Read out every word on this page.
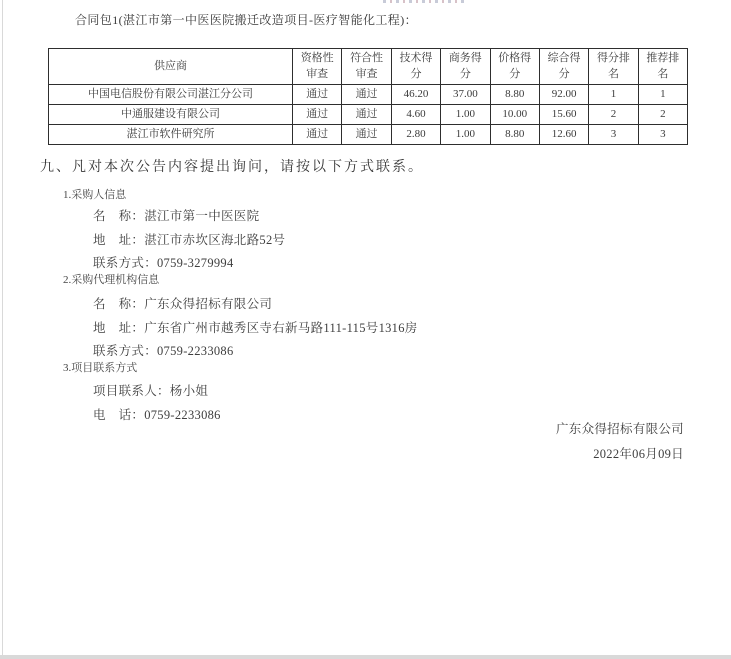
合同包1(湛江市第一中医医院搬迁改造项目-医疗智能化工程)：
供应商	资格性审查	符合性审查	技术得分	商务得分	价格得分	综合得分	得分排名	推荐排名
中国电信股份有限公司湛江分公司	通过	通过	46.20	37.00	8.80	92.00	1	1
中通服建设有限公司	通过	通过	4.60	1.00	10.00	15.60	2	2
湛江市软件研究所	通过	通过	2.80	1.00	8.80	12.60	3	3
九、凡对本次公告内容提出询问，请按以下方式联系。
1.采购人信息
名　称：湛江市第一中医医院
地　址：湛江市赤坎区海北路52号
联系方式：0759-3279994
2.采购代理机构信息
名　称：广东众得招标有限公司
地　址：广东省广州市越秀区寺右新马路111-115号1316房
联系方式：0759-2233086
3.项目联系方式
项目联系人：杨小姐
电　话：0759-2233086
广东众得招标有限公司
2022年06月09日
